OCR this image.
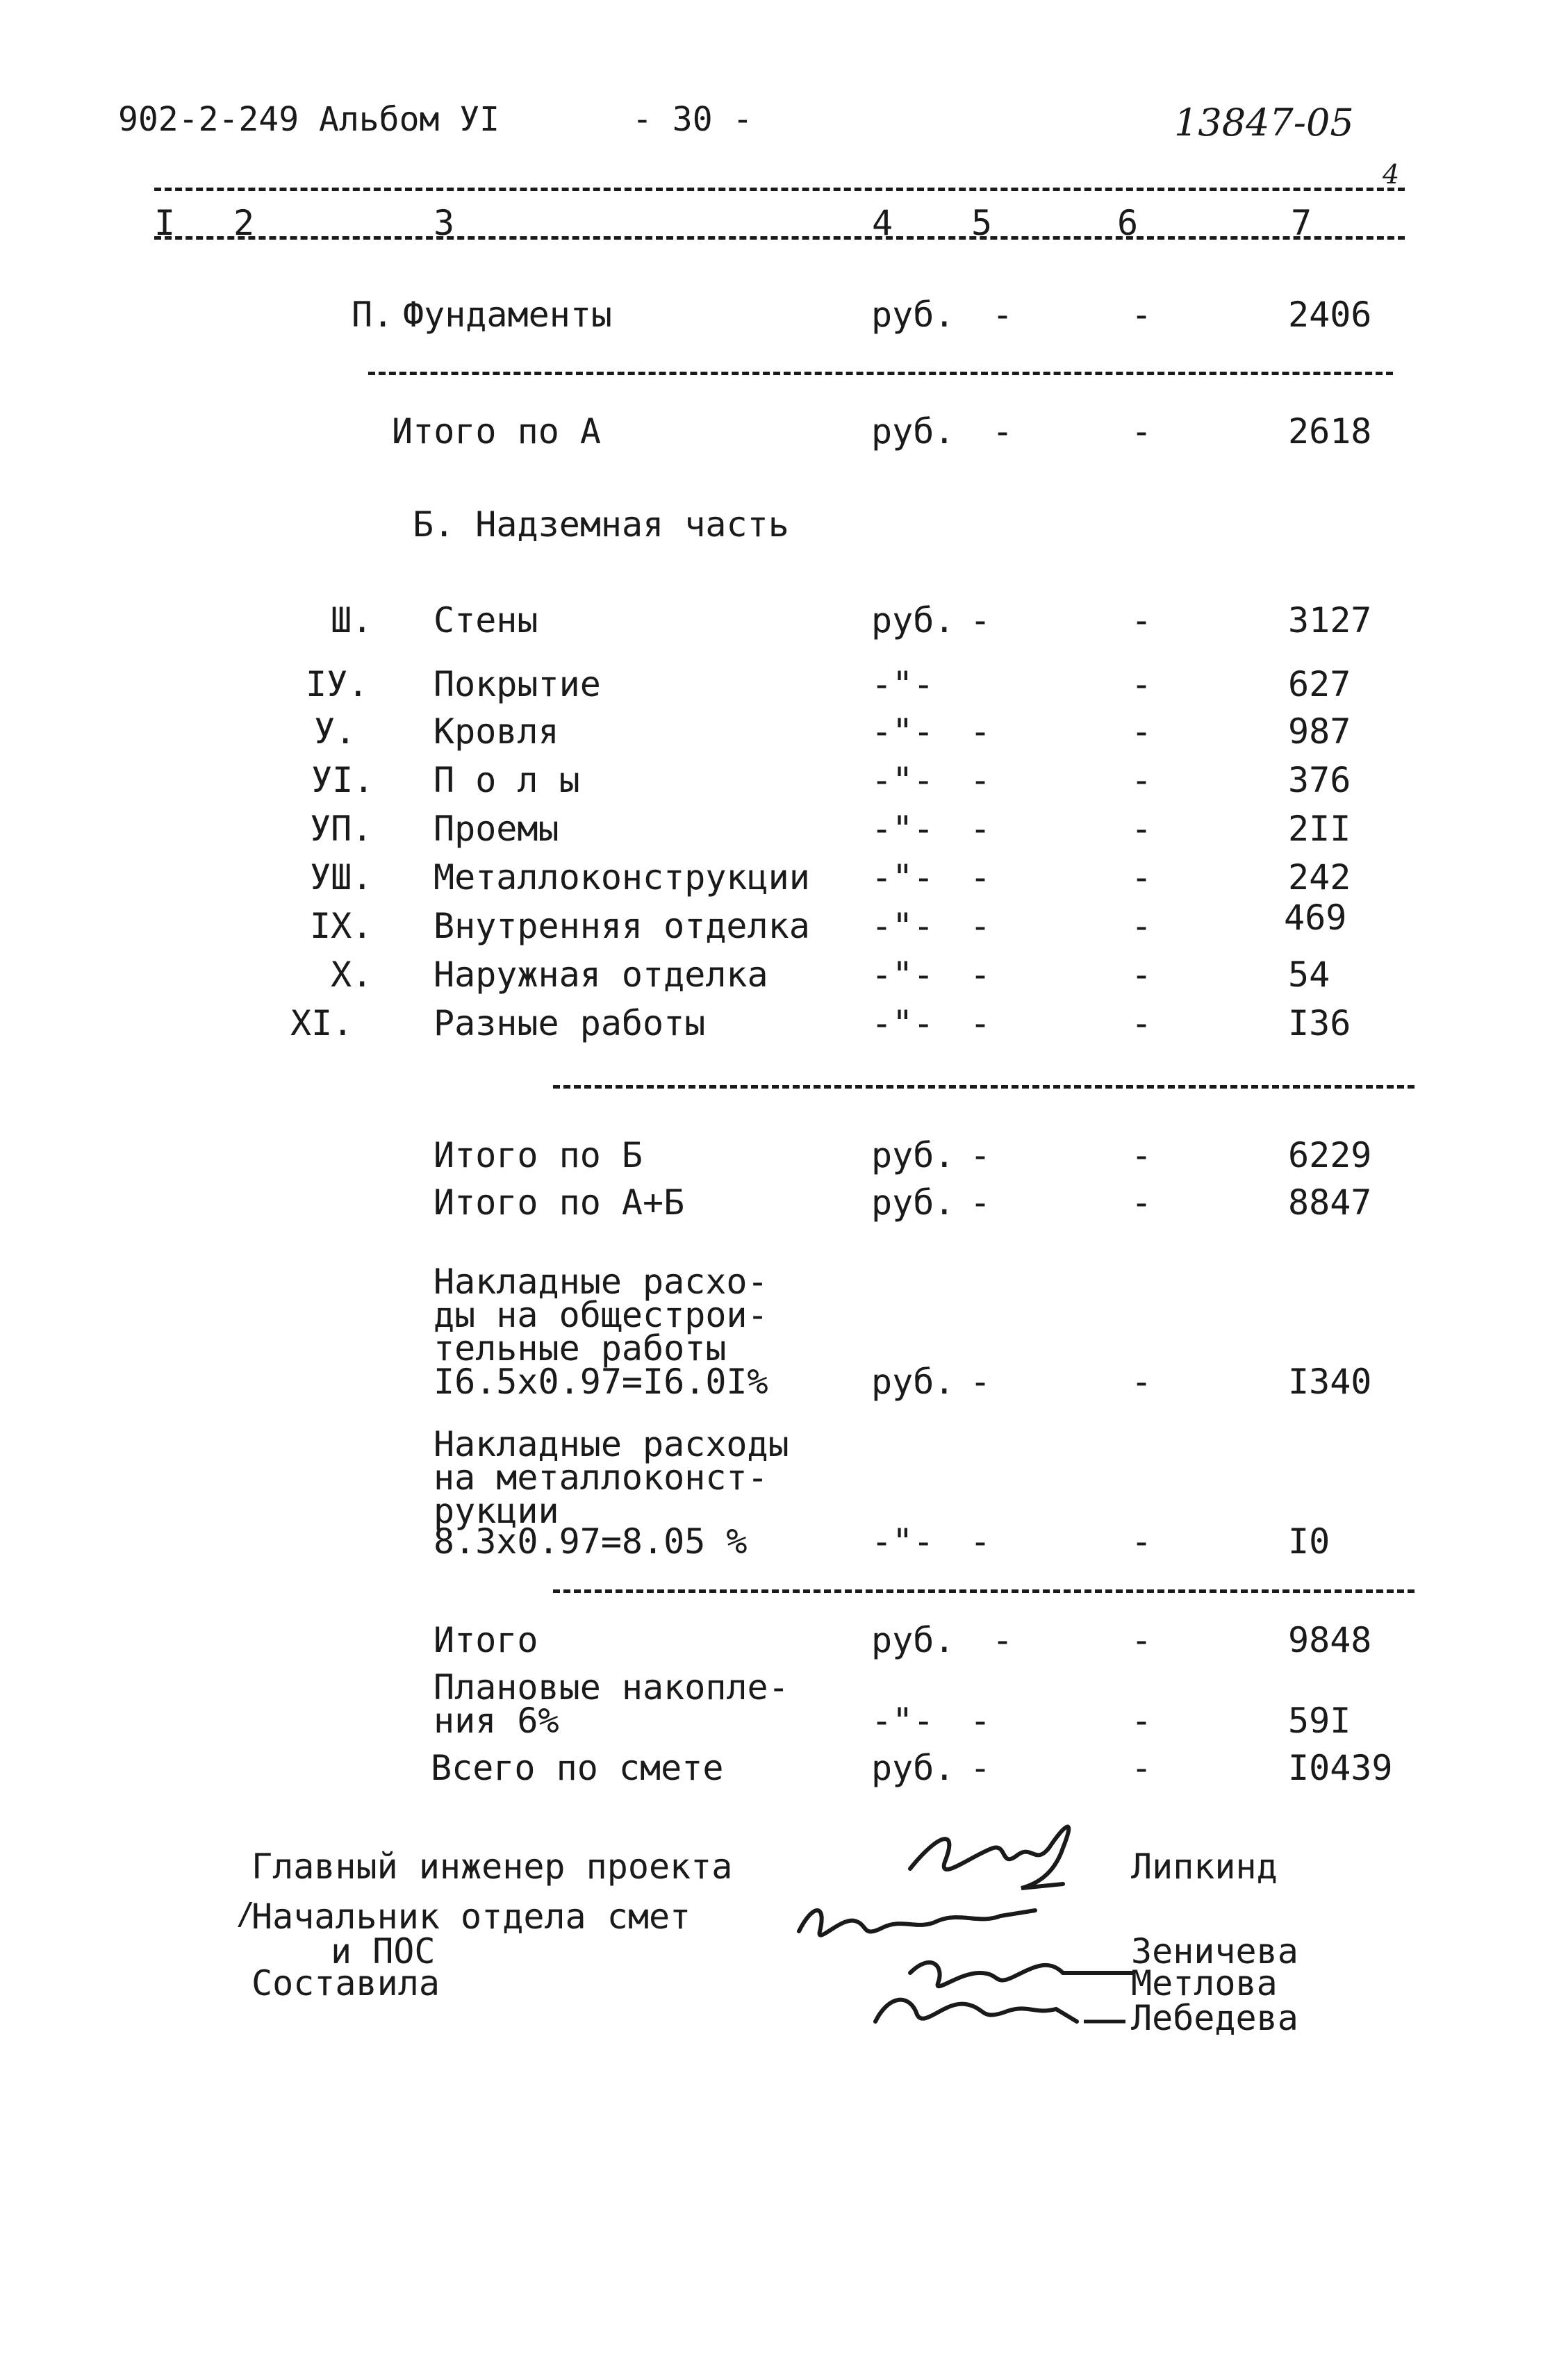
902-2-249 Альбом УI	- 30 -	13847-05
4
I 2	3	4 5	6	7
П. Фундаменты	руб. -	-	2406
Итого по А	руб. -	-	2618
Б. Надземная часть
Ш. Стены	руб. -	-	3127
IУ. Покрытие	-"-	-	627
У. Кровля	-"- -	-	987
УI. П о л ы	-"- -	-	376
УП. Проемы	-"- -	-	2II
УШ. Металлоконструкции -"- -	-	242
IX. Внутренняя отделка -"- -	-	469
X. Наружная отделка	-"- -	-	54
XI. Разные работы	-"- -	-	I36
Итого по Б	руб. -	-	6229
Итого по А+Б	руб. -	-	8847
Накладные расхо-
ды на общестрои-
тельные работы
I6.5x0.97=I6.0I%	руб. -	-	I340
Накладные расходы
на металлоконст-
рукции
8.3x0.97=8.05 %	-"- -	-	I0
Итого	руб. -	-	9848
Плановые накопле-
ния 6%	-"- -	-	59I
Всего по смете	руб. -	-	I0439
Главный инженер проекта
/
Начальник отдела смет
и ПОС
Составила
Липкинд
Зеничева
Метлова
Лебедева
